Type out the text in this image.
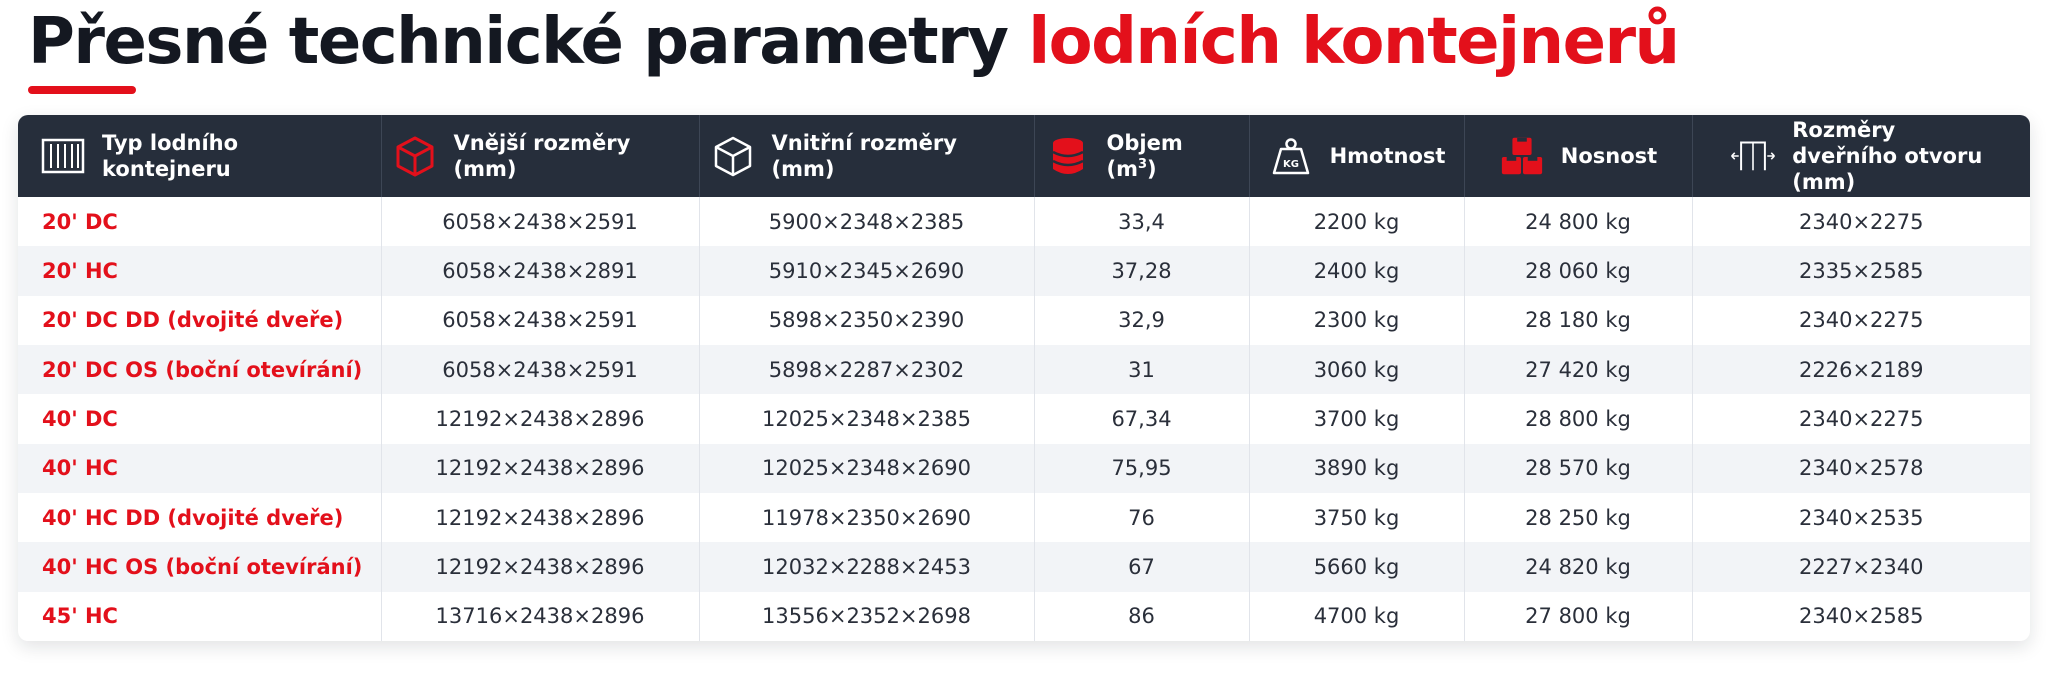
Přesné technické parametry lodních kontejnerů
Typ lodního kontejneru	Vnější rozměry (mm)	Vnitřní rozměry (mm)	Objem $(m^3)$	KG Hmotnost	Nosnost	Rozměry dveřního otvoru (mm)

20' DC	6058×2438×2591	5900×2348×2385	33,4	2200 kg	24 800 kg	2340×2275
20' HC	6058×2438×2891	5910×2345×2690	37,28	2400 kg	28 060 kg	2335×2585
20' DC DD (dvojité dveře)	6058×2438×2591	5898×2350×2390	32,9	2300 kg	28 180 kg	2340×2275
20' DC OS (boční otevírání)	6058×2438×2591	5898×2287×2302	31	3060 kg	27 420 kg	2226×2189
40' DC	12192×2438×2896	12025×2348×2385	67,34	3700 kg	28 800 kg	2340×2275
40' HC	12192×2438×2896	12025×2348×2690	75,95	3890 kg	28 570 kg	2340×2578
40' HC DD (dvojité dveře)	12192×2438×2896	11978×2350×2690	76	3750 kg	28 250 kg	2340×2535
40' HC OS (boční otevírání)	12192×2438×2896	12032×2288×2453	67	5660 kg	24 820 kg	2227×2340
45' HC	13716×2438×2896	13556×2352×2698	86	4700 kg	27 800 kg	2340×2585
